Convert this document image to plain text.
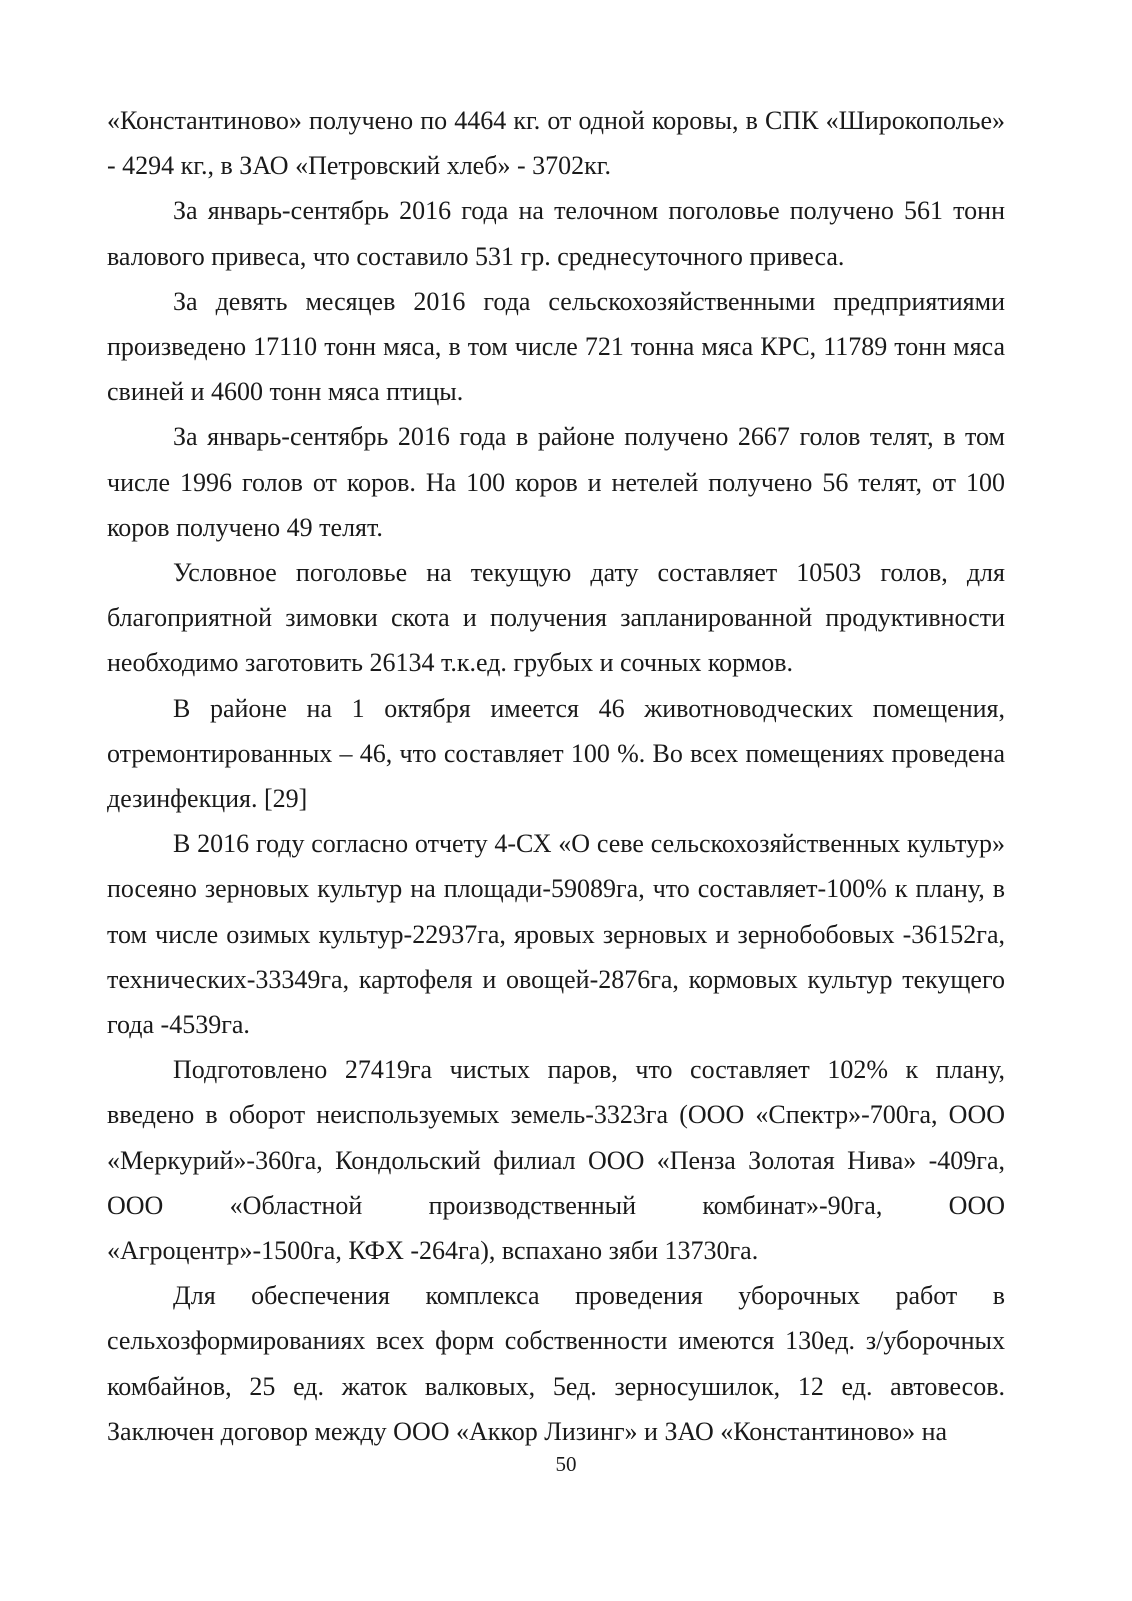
«Константиново» получено по 4464 кг. от одной коровы, в СПК «Широкополье» - 4294 кг., в ЗАО «Петровский хлеб» - 3702кг.

За январь-сентябрь 2016 года на телочном поголовье получено 561 тонн валового привеса, что составило 531 гр. среднесуточного привеса.

За девять месяцев 2016 года сельскохозяйственными предприятиями произведено 17110 тонн мяса, в том числе 721 тонна мяса КРС, 11789 тонн мяса свиней и 4600 тонн мяса птицы.

За январь-сентябрь 2016 года в районе получено 2667 голов телят, в том числе 1996 голов от коров. На 100 коров и нетелей получено 56 телят, от 100 коров получено 49 телят.

Условное поголовье на текущую дату составляет 10503 голов, для благоприятной зимовки скота и получения запланированной продуктивности необходимо заготовить 26134 т.к.ед. грубых и сочных кормов.

В районе на 1 октября имеется 46 животноводческих помещения, отремонтированных – 46, что составляет 100 %. Во всех помещениях проведена дезинфекция. [29]

В 2016 году согласно отчету 4-СХ «О севе сельскохозяйственных культур» посеяно зерновых культур на площади-59089га, что составляет-100% к плану, в том числе озимых культур-22937га, яровых зерновых и зернобобовых -36152га, технических-33349га, картофеля и овощей-2876га, кормовых культур текущего года -4539га.

Подготовлено 27419га чистых паров, что составляет 102% к плану, введено в оборот неиспользуемых земель-3323га (ООО «Спектр»-700га, ООО «Меркурий»-360га, Кондольский филиал ООО «Пенза Золотая Нива» -409га, ООО «Областной производственный комбинат»-90га, ООО «Агроцентр»-1500га, КФХ -264га), вспахано зяби 13730га.

Для обеспечения комплекса проведения уборочных работ в сельхозформированиях всех форм собственности имеются 130ед. з/уборочных комбайнов, 25 ед. жаток валковых, 5ед. зерносушилок, 12 ед. автовесов. Заключен договор между ООО «Аккор Лизинг» и ЗАО «Константиново» на

50
